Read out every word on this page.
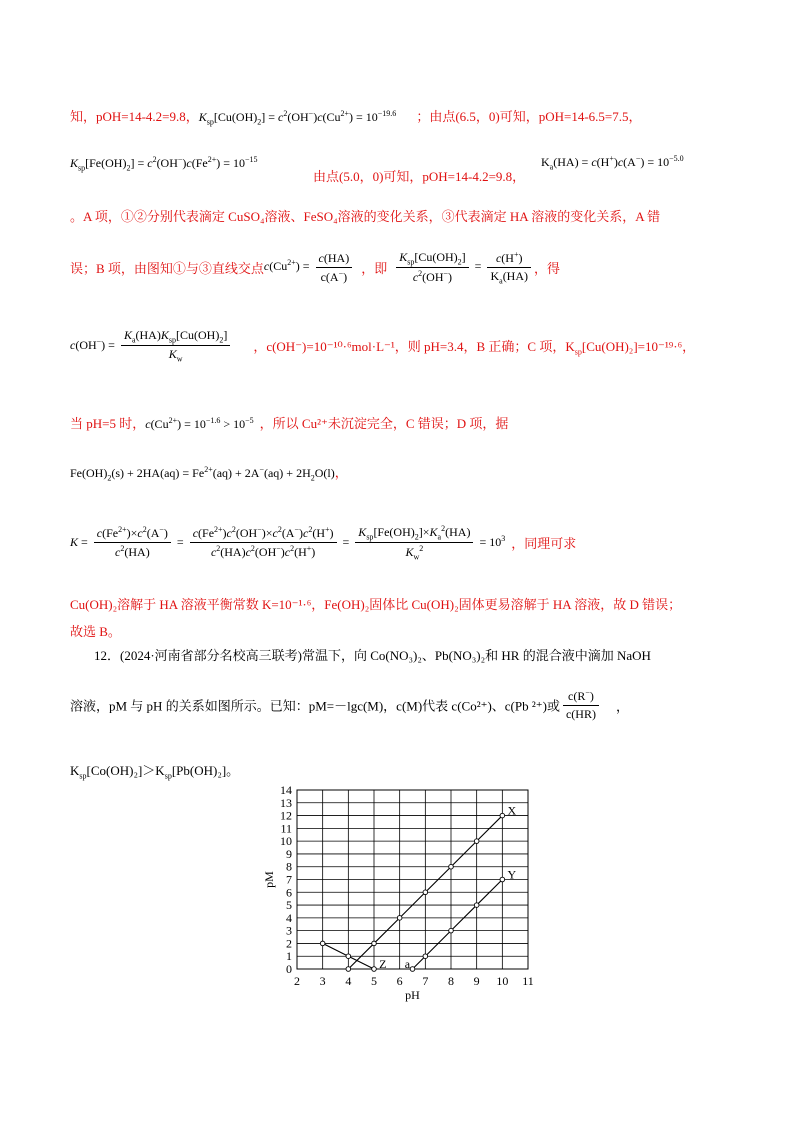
知，pOH=14-4.2=9.8，$K_{sp}[Cu(OH)_2] = c^2(OH^-)c(Cu^{2+}) = 10^{-19.6}$ ；由点(6.5，0)可知，pOH=14-6.5=7.5，
$K_{sp}[Fe(OH)_2] = c^2(OH^-)c(Fe^{2+}) = 10^{-15}$
由点(5.0，0)可知，pOH=14-4.2=9.8，
$K_a(HA) = c(H^+)c(A^-) = 10^{-5.0}$
。A 项，①②分别代表滴定 CuSO₄溶液、FeSO₄溶液的变化关系，③代表滴定 HA 溶液的变化关系，A 错
误；B 项，由图知①与③直线交点$c(Cu^{2+}) = \frac{c(HA)}{c(A^-)}$ ，即 $\frac{K_{sp}[Cu(OH)_2]}{c^2(OH^-)} = \frac{c(H^+)}{K_a(HA)}$ ，得
$c(OH^-) = \frac{K_a(HA)K_{sp}[Cu(OH)_2]}{K_w}$ ，c(OH⁻)=10⁻¹⁰·⁶mol·L⁻¹，则 pH=3.4，B 正确；C 项，$K_{sp}[Cu(OH)_2]=10^{-19}\cdot^6$，
当 pH=5 时，$c(Cu^{2+}) = 10^{-1.6} > 10^{-5}$ ，所以 Cu²⁺未沉淀完全，C 错误；D 项，据
$Fe(OH)_2(s) + 2HA(aq) = Fe^{2+}(aq) + 2A^-(aq) + 2H_2O(l)$，
$K = \frac{c(Fe^{2+})\times c^2(A^-)}{c^2(HA)} = \frac{c(Fe^{2+})c^2(OH^-)\times c^2(A^-)c^2(H^+)}{c^2(HA)c^2(OH^-)c^2(H^+)} = \frac{K_{sp}[Fe(OH)_2]\times K_a^2(HA)}{K_w^2} = 10^3$ ，同理可求
Cu(OH)₂溶解于 HA 溶液平衡常数 K=10⁻¹·⁶，Fe(OH)₂固体比 Cu(OH)₂固体更易溶解于 HA 溶液，故 D 错误；
故选 B。
12．(2024·河南省部分名校高三联考)常温下，向 Co(NO₃)₂、Pb(NO₃)₂和 HR 的混合液中滴加 NaOH
溶液，pM 与 pH 的关系如图所示。已知：pM=－lgc(M)，c(M)代表 c(Co²⁺)、c(Pb ²⁺)或 $\frac{c(R^-)}{c(HR)}$ ，
$K_{sp}[Co(OH)_2]>K_{sp}[Pb(OH)_2]$。
2 3 4 5 6 7 8 9 10 11
0
1
2
3
4
5
6
7
8
9
10
11
12
13
14
pH
pM
X
Y
Z a
